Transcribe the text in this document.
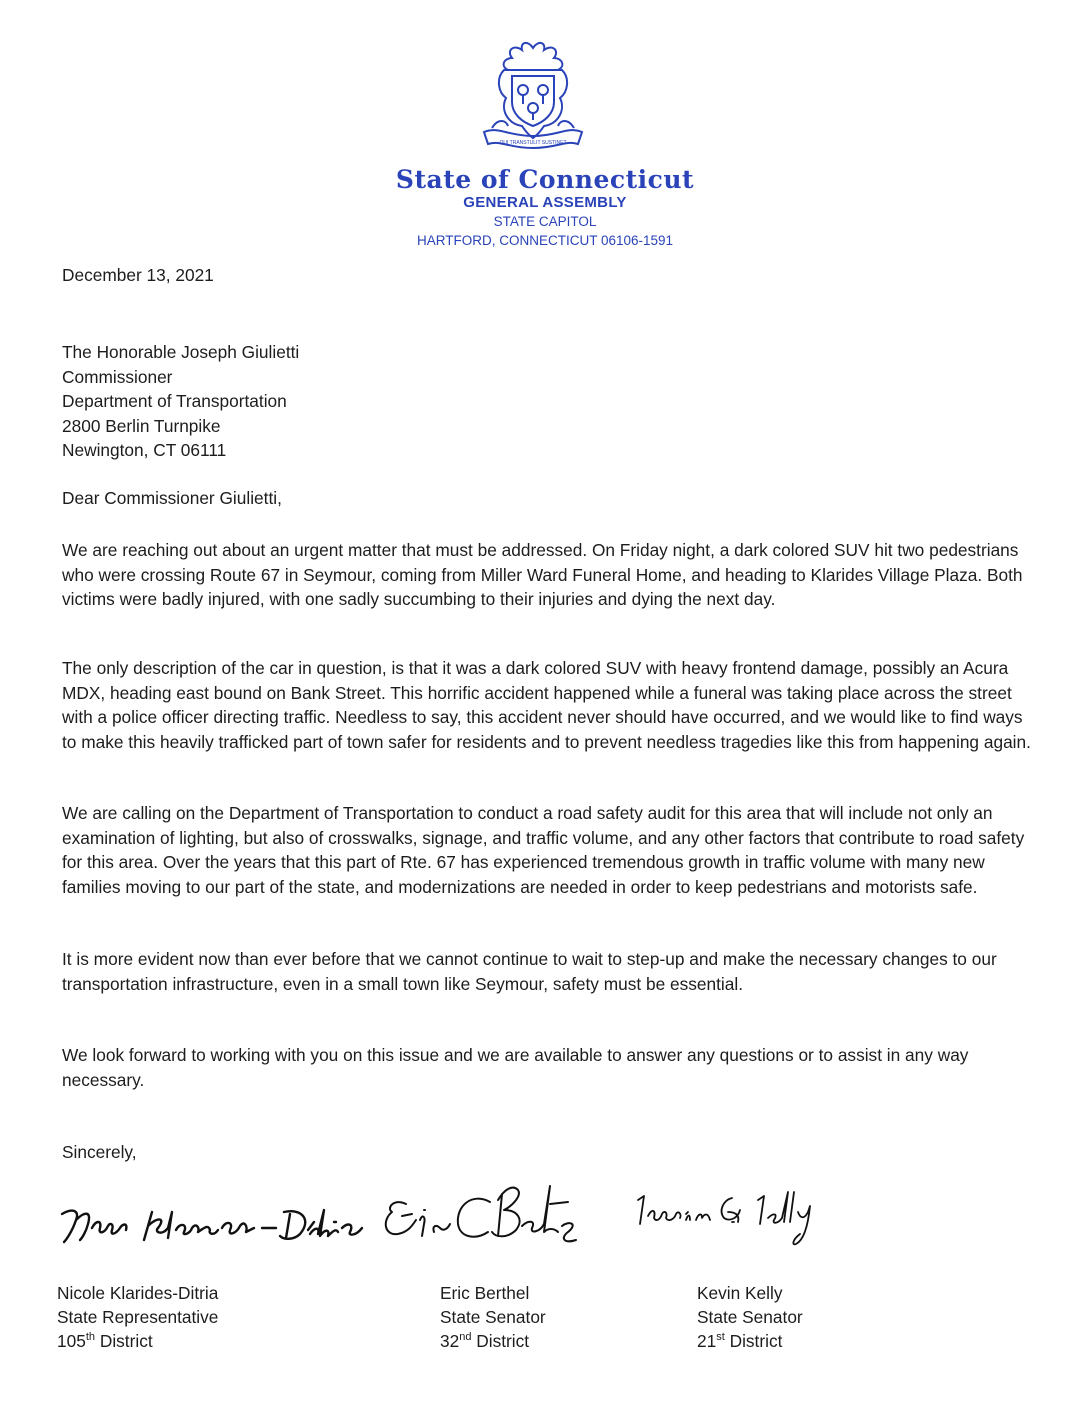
QUI TRANSTULIT SUSTINET
State of Connecticut
GENERAL ASSEMBLY
STATE CAPITOL
HARTFORD, CONNECTICUT 06106-1591
December 13, 2021
The Honorable Joseph Giulietti
Commissioner
Department of Transportation
2800 Berlin Turnpike
Newington, CT 06111
Dear Commissioner Giulietti,
We are reaching out about an urgent matter that must be addressed. On Friday night, a dark colored SUV hit two pedestrians who were crossing Route 67 in Seymour, coming from Miller Ward Funeral Home, and heading to Klarides Village Plaza. Both victims were badly injured, with one sadly succumbing to their injuries and dying the next day.
The only description of the car in question, is that it was a dark colored SUV with heavy frontend damage, possibly an Acura MDX, heading east bound on Bank Street. This horrific accident happened while a funeral was taking place across the street with a police officer directing traffic. Needless to say, this accident never should have occurred, and we would like to find ways to make this heavily trafficked part of town safer for residents and to prevent needless tragedies like this from happening again.
We are calling on the Department of Transportation to conduct a road safety audit for this area that will include not only an examination of lighting, but also of crosswalks, signage, and traffic volume, and any other factors that contribute to road safety for this area. Over the years that this part of Rte. 67 has experienced tremendous growth in traffic volume with many new families moving to our part of the state, and modernizations are needed in order to keep pedestrians and motorists safe.
It is more evident now than ever before that we cannot continue to wait to step-up and make the necessary changes to our transportation infrastructure, even in a small town like Seymour, safety must be essential.
We look forward to working with you on this issue and we are available to answer any questions or to assist in any way necessary.
Sincerely,
Nicole Klarides-Ditria
State Representative
105th District
Eric Berthel
State Senator
32nd District
Kevin Kelly
State Senator
21st District
